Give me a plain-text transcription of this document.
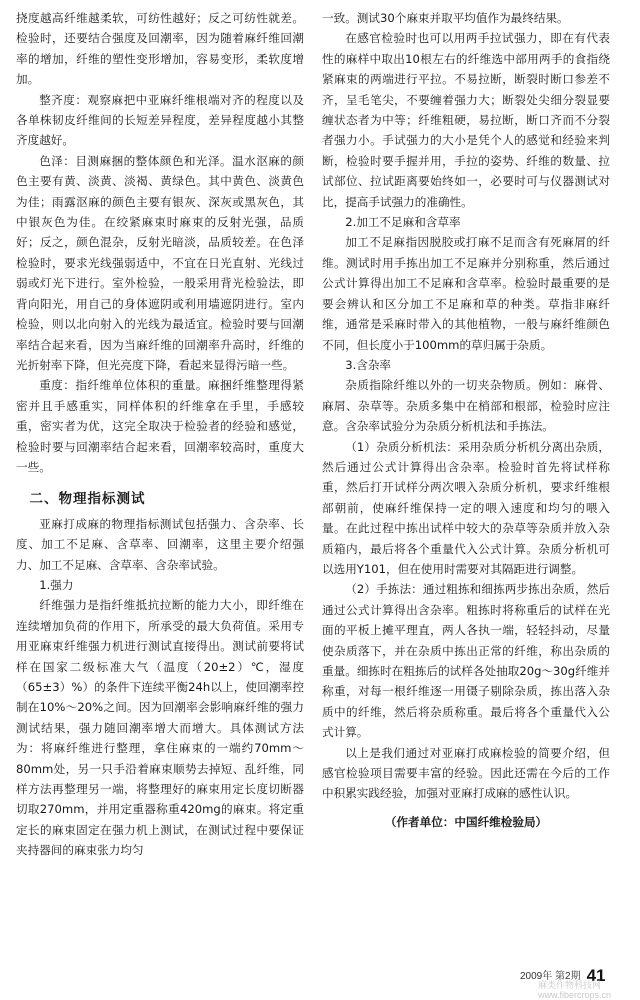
挠度越高纤维越柔软，可纺性越好；反之可纺性就差。检验时，还要结合强度及回潮率，因为随着麻纤维回潮率的增加，纤维的塑性变形增加，容易变形，柔软度增加。

整齐度：观察麻把中亚麻纤维根端对齐的程度以及各单株韧皮纤维间的长短差异程度，差异程度越小其整齐度越好。

色泽：目测麻捆的整体颜色和光泽。温水沤麻的颜色主要有黄、淡黄、淡褐、黄绿色。其中黄色、淡黄色为佳；雨露沤麻的颜色主要有银灰、深灰或黑灰色，其中银灰色为佳。在绞紧麻束时麻束的反射光强，品质好；反之，颜色混杂，反射光暗淡，品质较差。在色泽检验时，要求光线强弱适中，不宜在日光直射、光线过弱或灯光下进行。室外检验，一般采用背光检验法，即背向阳光，用自己的身体遮阴或利用墙遮阴进行。室内检验，则以北向射入的光线为最适宜。检验时要与回潮率结合起来看，因为当麻纤维的回潮率升高时，纤维的光折射率下降，但光亮度下降，看起来显得污暗一些。

重度：指纤维单位体积的重量。麻捆纤维整理得紧密并且手感重实，同样体积的纤维拿在手里，手感较重，密实者为优，这完全取决于检验者的经验和感觉，检验时要与回潮率结合起来看，回潮率较高时，重度大一些。

二、物理指标测试

亚麻打成麻的物理指标测试包括强力、含杂率、长度、加工不足麻、含草率、回潮率，这里主要介绍强力、加工不足麻、含草率、含杂率试验。

1.强力

纤维强力是指纤维抵抗拉断的能力大小，即纤维在连续增加负荷的作用下，所承受的最大负荷值。采用专用亚麻束纤维强力机进行测试直接得出。测试前要将试样在国家二级标准大气（温度（20±2）℃，湿度（65±3）%）的条件下连续平衡24h以上，使回潮率控制在10%～20%之间。因为回潮率会影响麻纤维的强力测试结果，强力随回潮率增大而增大。具体测试方法为：将麻纤维进行整理，拿住麻束的一端约70mm～80mm处，另一只手沿着麻束顺势去掉短、乱纤维，同样方法再整理另一端，将整理好的麻束用定长度切断器切取270mm，并用定重器称重420mg的麻束。将定重定长的麻束固定在强力机上测试，在测试过程中要保证夹持器间的麻束张力均匀

一致。测试30个麻束并取平均值作为最终结果。

在感官检验时也可以用两手拉试强力，即在有代表性的麻样中取出10根左右的纤维选中部用两手的食指绕紧麻束的两端进行平拉。不易拉断，断裂时断口参差不齐，呈毛笔尖，不要缠着强力大；断裂处尖细分裂显要缠状态者为中等；纤维粗硬，易拉断，断口齐而不分裂者强力小。手试强力的大小是凭个人的感觉和经验来判断，检验时要手握并用，手拉的姿势、纤维的数量、拉试部位、拉试距离要始终如一，必要时可与仪器测试对比，提高手试强力的准确性。

2.加工不足麻和含草率

加工不足麻指因脱胶或打麻不足而含有死麻屑的纤维。测试时用手拣出加工不足麻并分别称重，然后通过公式计算得出加工不足麻和含草率。检验时最重要的是要会辨认和区分加工不足麻和草的种类。草指非麻纤维，通常是采麻时带入的其他植物，一般与麻纤维颜色不同，但长度小于100mm的草归属于杂质。

3.含杂率

杂质指除纤维以外的一切夹杂物质。例如：麻骨、麻屑、杂草等。杂质多集中在梢部和根部，检验时应注意。含杂率试验分为杂质分析机法和手拣法。

（1）杂质分析机法：采用杂质分析机分离出杂质，然后通过公式计算得出含杂率。检验时首先将试样称重，然后打开试样分两次喂入杂质分析机，要求纤维根部朝前，使麻纤维保持一定的喂入速度和均匀的喂入量。在此过程中拣出试样中较大的杂草等杂质并放入杂质箱内，最后将各个重量代入公式计算。杂质分析机可以选用Y101，但在使用时需要对其隔距进行调整。

（2）手拣法：通过粗拣和细拣两步拣出杂质，然后通过公式计算得出含杂率。粗拣时将称重后的试样在光面的平板上摊平理直，两人各执一端，轻轻抖动，尽量使杂质落下，并在杂质中拣出正常的纤维，称出杂质的重量。细拣时在粗拣后的试样各处抽取20g～30g纤维并称重，对每一根纤维逐一用镊子剔除杂质，拣出落入杂质中的纤维，然后将杂质称重。最后将各个重量代入公式计算。

以上是我们通过对亚麻打成麻检验的简要介绍，但感官检验项目需要丰富的经验。因此还需在今后的工作中积累实践经验，加强对亚麻打成麻的感性认识。

（作者单位：中国纤维检验局）

2009年 第2期 41
麻类作物科技网
www.fibercrops.cn
